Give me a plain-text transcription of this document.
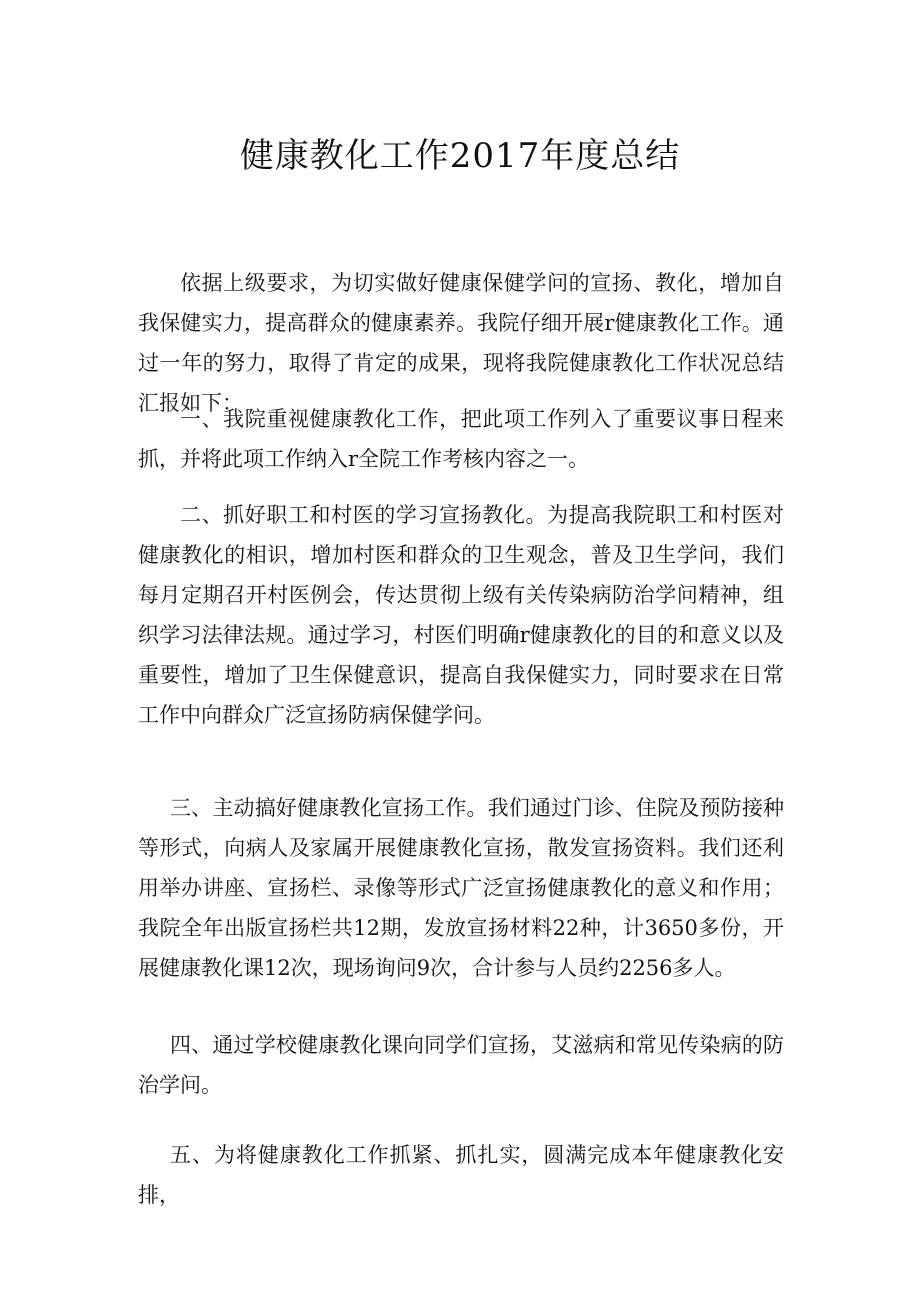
健康教化工作2017年度总结

依据上级要求，为切实做好健康保健学问的宣扬、教化，增加自我保健实力，提高群众的健康素养。我院仔细开展r健康教化工作。通过一年的努力，取得了肯定的成果，现将我院健康教化工作状况总结汇报如下：

一、我院重视健康教化工作，把此项工作列入了重要议事日程来抓，并将此项工作纳入r全院工作考核内容之一。

二、抓好职工和村医的学习宣扬教化。为提高我院职工和村医对健康教化的相识，增加村医和群众的卫生观念，普及卫生学问，我们每月定期召开村医例会，传达贯彻上级有关传染病防治学问精神，组织学习法律法规。通过学习，村医们明确r健康教化的目的和意义以及重要性，增加了卫生保健意识，提高自我保健实力，同时要求在日常工作中向群众广泛宣扬防病保健学问。

三、主动搞好健康教化宣扬工作。我们通过门诊、住院及预防接种等形式，向病人及家属开展健康教化宣扬，散发宣扬资料。我们还利用举办讲座、宣扬栏、录像等形式广泛宣扬健康教化的意义和作用；我院全年出版宣扬栏共12期，发放宣扬材料22种，计3650多份，开展健康教化课12次，现场询问9次，合计参与人员约2256多人。

四、通过学校健康教化课向同学们宣扬，艾滋病和常见传染病的防治学问。

五、为将健康教化工作抓紧、抓扎实，圆满完成本年健康教化安排，
